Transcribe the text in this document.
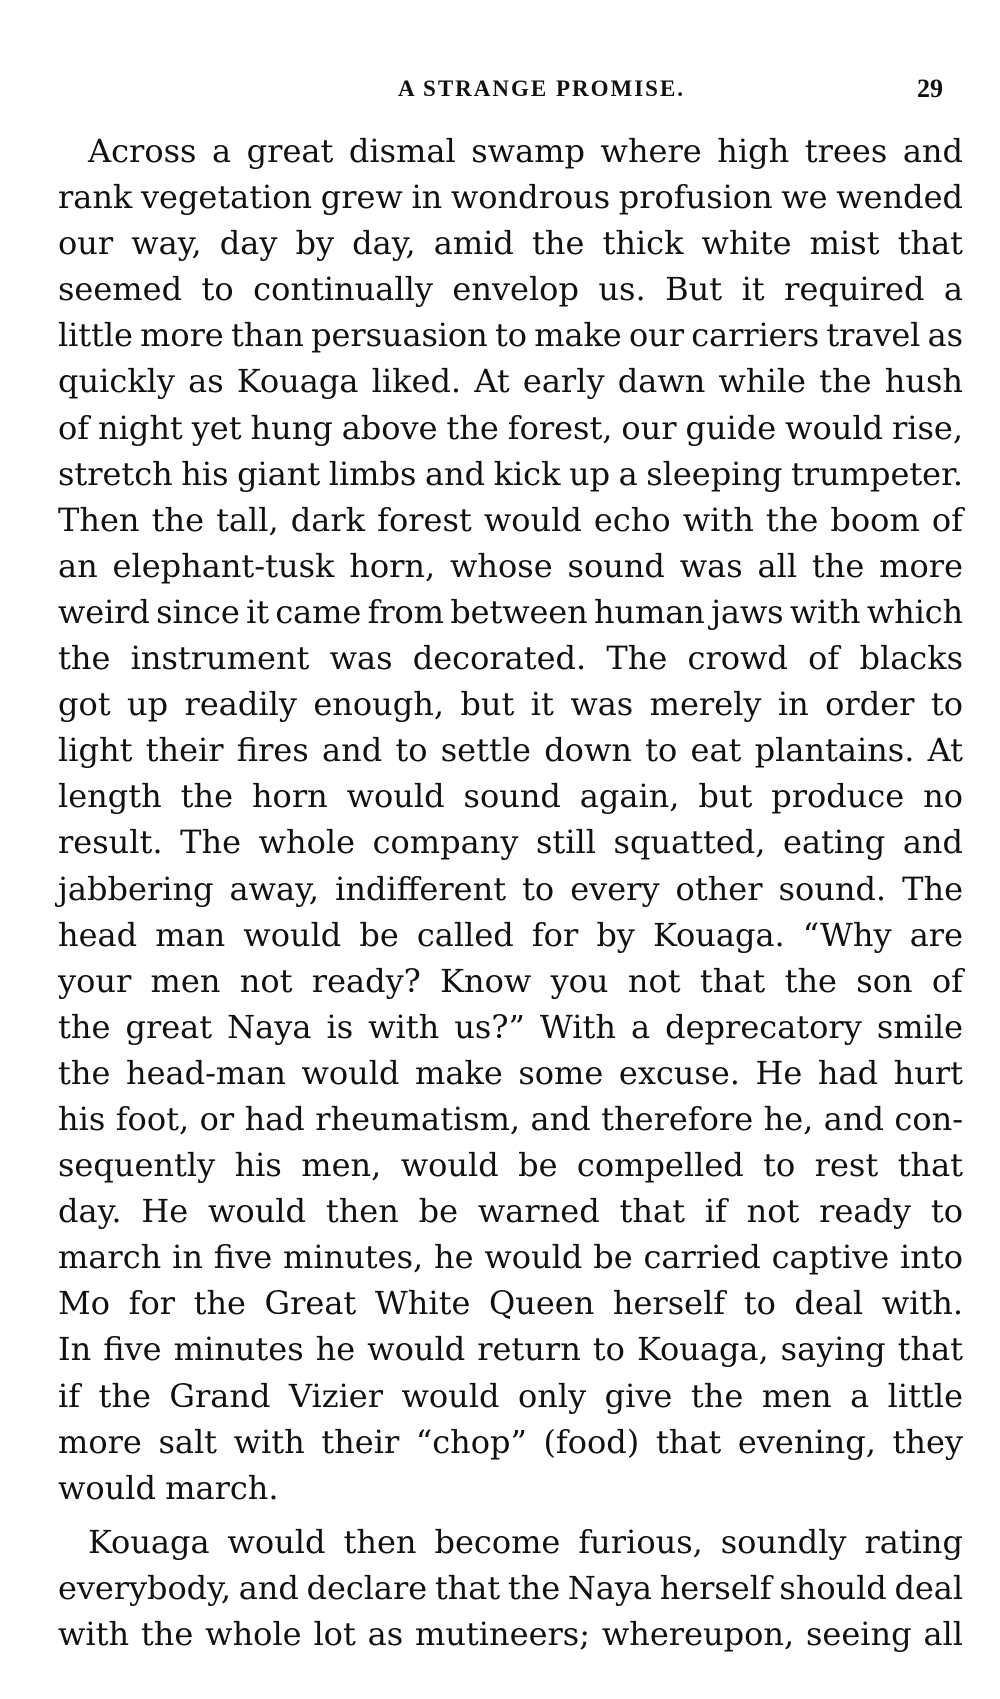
A STRANGE PROMISE.	29

Across a great dismal swamp where high trees and
rank vegetation grew in wondrous profusion we wended
our way, day by day, amid the thick white mist that
seemed to continually envelop us. But it required a
little more than persuasion to make our carriers travel as
quickly as Kouaga liked. At early dawn while the hush
of night yet hung above the forest, our guide would rise,
stretch his giant limbs and kick up a sleeping trumpeter.
Then the tall, dark forest would echo with the boom of
an elephant-tusk horn, whose sound was all the more
weird since it came from between human jaws with which
the instrument was decorated. The crowd of blacks
got up readily enough, but it was merely in order to
light their fires and to settle down to eat plantains. At
length the horn would sound again, but produce no
result. The whole company still squatted, eating and
jabbering away, indifferent to every other sound. The
head man would be called for by Kouaga. “Why are
your men not ready? Know you not that the son of
the great Naya is with us?” With a deprecatory smile
the head-man would make some excuse. He had hurt
his foot, or had rheumatism, and therefore he, and con-
sequently his men, would be compelled to rest that
day. He would then be warned that if not ready to
march in five minutes, he would be carried captive into
Mo for the Great White Queen herself to deal with.
In five minutes he would return to Kouaga, saying that
if the Grand Vizier would only give the men a little
more salt with their “chop” (food) that evening, they
would march.

Kouaga would then become furious, soundly rating
everybody, and declare that the Naya herself should deal
with the whole lot as mutineers; whereupon, seeing all
